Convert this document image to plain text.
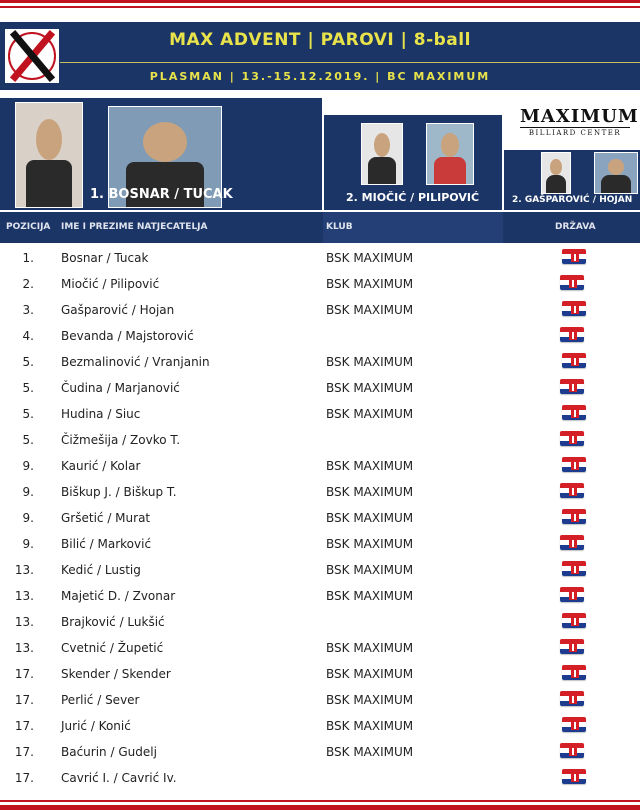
MAX ADVENT | PAROVI | 8-ball
PLASMAN | 13.-15.12.2019. | BC MAXIMUM
1. BOSNAR / TUCAK	2. MIOČIĆ / PILIPOVIĆ
MAXIMUM
BILLIARD CENTER
2. GAŠPAROVIĆ / HOJAN
POZICIJA IME I PREZIME NATJECATELJA	KLUB	DRŽAVA
1. Bosnar / Tucak	BSK MAXIMUM
2. Miočić / Pilipović	BSK MAXIMUM
3. Gašparović / Hojan	BSK MAXIMUM
4. Bevanda / Majstorović
5. Bezmalinović / Vranjanin	BSK MAXIMUM
5. Čudina / Marjanović	BSK MAXIMUM
5. Hudina / Siuc	BSK MAXIMUM
5. Čižmešija / Zovko T.
9. Kaurić / Kolar	BSK MAXIMUM
9. Biškup J. / Biškup T.	BSK MAXIMUM
9. Gršetić / Murat	BSK MAXIMUM
9. Bilić / Marković	BSK MAXIMUM
13. Kedić / Lustig	BSK MAXIMUM
13. Majetić D. / Zvonar	BSK MAXIMUM
13. Brajković / Lukšić
13. Cvetnić / Župetić	BSK MAXIMUM
17. Skender / Skender	BSK MAXIMUM
17. Perlić / Sever	BSK MAXIMUM
17. Jurić / Konić	BSK MAXIMUM
17. Baćurin / Gudelj	BSK MAXIMUM
17. Cavrić I. / Cavrić Iv.
